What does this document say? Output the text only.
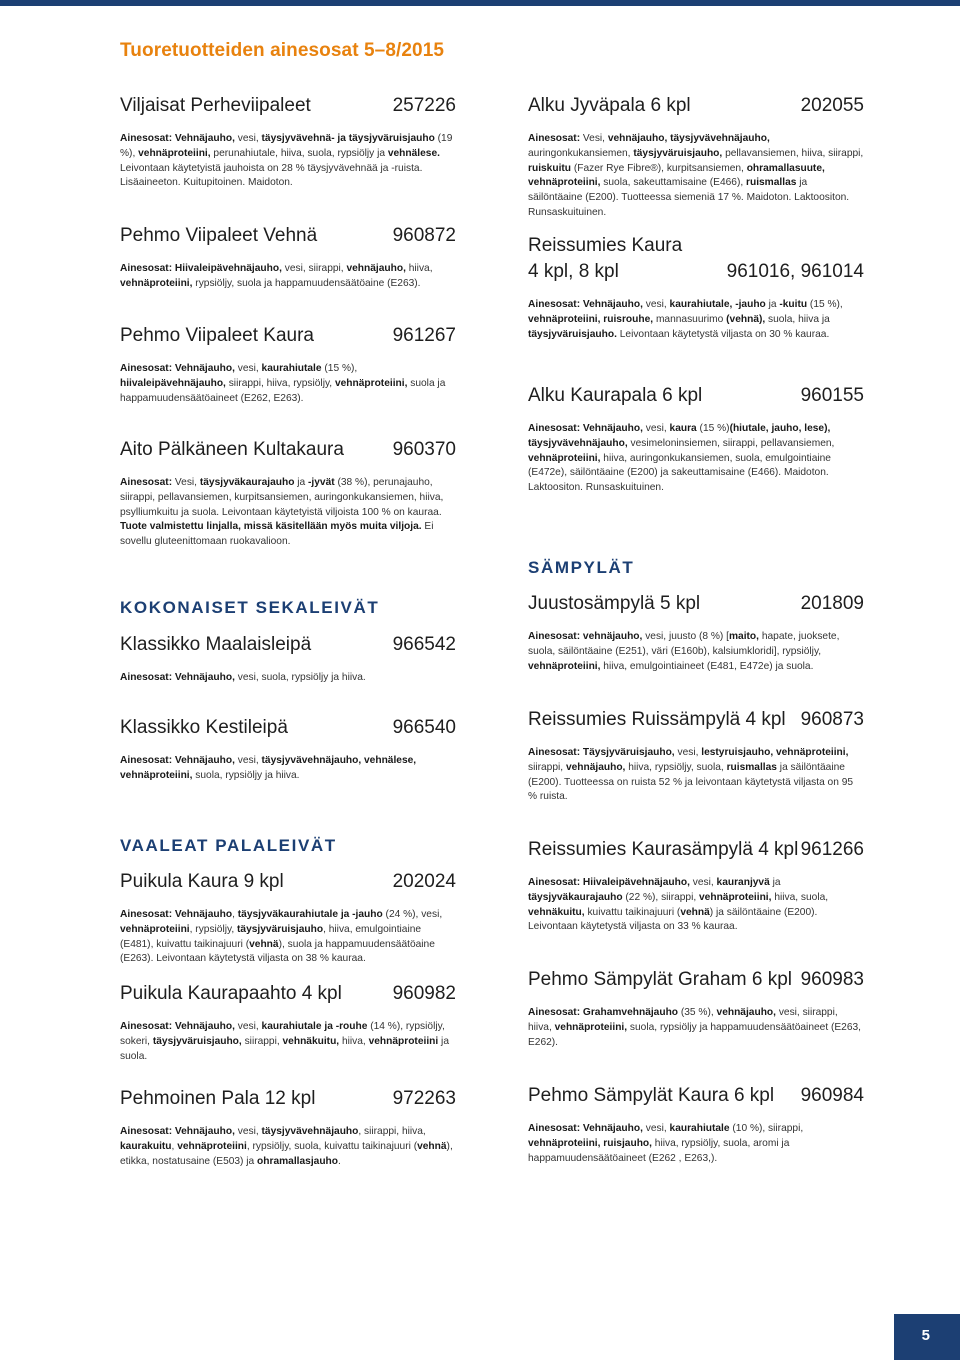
Tuoretuotteiden ainesosat 5–8/2015
Viljaisat Perheviipaleet	257226

Ainesosat: Vehnäjauho, vesi, täysjyvävehnä- ja täysjyväruisjauho (19 %), vehnäproteiini, perunahiutale, hiiva, suola, rypsiöljy ja vehnälese. Leivontaan käytetyistä jauhoista on 28 % täysjyvävehnää ja -ruista. Lisäaineeton. Kuitupitoinen. Maidoton.

Pehmo Viipaleet Vehnä	960872

Ainesosat: Hiivaleipävehnäjauho, vesi, siirappi, vehnäjauho, hiiva, vehnäproteiini, rypsiöljy, suola ja happamuudensäätöaine (E263).

Pehmo Viipaleet Kaura	961267

Ainesosat: Vehnäjauho, vesi, kaurahiutale (15 %), hiivaleipävehnäjauho, siirappi, hiiva, rypsiöljy, vehnäproteiini, suola ja happamuudensäätöaineet (E262, E263).

Aito Pälkäneen Kultakaura	960370

Ainesosat: Vesi, täysjyväkaurajauho ja -jyvät (38 %), perunajauho, siirappi, pellavansiemen, kurpitsansiemen, auringonkukansiemen, hiiva, psylliumkuitu ja suola. Leivontaan käytetyistä viljoista 100 % on kauraa. Tuote valmistettu linjalla, missä käsitellään myös muita viljoja. Ei sovellu gluteenittomaan ruokavalioon.

KOKONAISET SEKALEIVÄT
Klassikko Maalaisleipä	966542

Ainesosat: Vehnäjauho, vesi, suola, rypsiöljy ja hiiva.

Klassikko Kestileipä	966540

Ainesosat: Vehnäjauho, vesi, täysjyvävehnäjauho, vehnälese, vehnäproteiini, suola, rypsiöljy ja hiiva.

VAALEAT PALALEIVÄT
Puikula Kaura 9 kpl	202024

Ainesosat: Vehnäjauho, täysjyväkaurahiutale ja -jauho (24 %), vesi, vehnäproteiini, rypsiöljy, täysjyväruisjauho, hiiva, emulgointiaine (E481), kuivattu taikinajuuri (vehnä), suola ja happamuudensäätöaine (E263). Leivontaan käytetystä viljasta on 38 % kauraa.

Puikula Kaurapaahto 4 kpl	960982

Ainesosat: Vehnäjauho, vesi, kaurahiutale ja -rouhe (14 %), rypsiöljy, sokeri, täysjyväruisjauho, siirappi, vehnäkuitu, hiiva, vehnäproteiini ja suola.

Pehmoinen Pala 12 kpl	972263

Ainesosat: Vehnäjauho, vesi, täysjyvävehnäjauho, siirappi, hiiva, kaurakuitu, vehnäproteiini, rypsiöljy, suola, kuivattu taikinajuuri (vehnä), etikka, nostatusaine (E503) ja ohramallasjauho.

Alku Jyväpala 6 kpl	202055

Ainesosat: Vesi, vehnäjauho, täysjyvävehnäjauho, auringonkukansiemen, täysjyväruisjauho, pellavansiemen, hiiva, siirappi, ruiskuitu (Fazer Rye Fibre®), kurpitsansiemen, ohramallasuute, vehnäproteiini, suola, sakeuttamisaine (E466), ruismallas ja säilöntäaine (E200). Tuotteessa siemeniä 17 %. Maidoton. Laktoositon. Runsaskuituinen.

Reissumies Kaura
4 kpl, 8 kpl	961016, 961014

Ainesosat: Vehnäjauho, vesi, kaurahiutale, -jauho ja -kuitu (15 %), vehnäproteiini, ruisrouhe, mannasuurimo (vehnä), suola, hiiva ja täysjyväruisjauho. Leivontaan käytetystä viljasta on 30 % kauraa.

Alku Kaurapala 6 kpl	960155

Ainesosat: Vehnäjauho, vesi, kaura (15 %)(hiutale, jauho, lese), täysjyvävehnäjauho, vesimeloninsiemen, siirappi, pellavansiemen, vehnäproteiini, hiiva, auringonkukansiemen, suola, emulgointiaine (E472e), säilöntäaine (E200) ja sakeuttamisaine (E466). Maidoton. Laktoositon. Runsaskuituinen.

SÄMPYLÄT
Juustosämpylä 5 kpl	201809

Ainesosat: vehnäjauho, vesi, juusto (8 %) [maito, hapate, juoksete, suola, säilöntäaine (E251), väri (E160b), kalsiumkloridi], rypsiöljy, vehnäproteiini, hiiva, emulgointiaineet (E481, E472e) ja suola.

Reissumies Ruissämpylä 4 kpl 960873

Ainesosat: Täysjyväruisjauho, vesi, lestyruisjauho, vehnäproteiini, siirappi, vehnäjauho, hiiva, rypsiöljy, suola, ruismallas ja säilöntäaine (E200). Tuotteessa on ruista 52 % ja leivontaan käytetystä viljasta on 95 % ruista.

Reissumies Kaurasämpylä 4 kpl 961266

Ainesosat: Hiivaleipävehnäjauho, vesi, kauranjyvä ja täysjyväkaurajauho (22 %), siirappi, vehnäproteiini, hiiva, suola, vehnäkuitu, kuivattu taikinajuuri (vehnä) ja säilöntäaine (E200). Leivontaan käytetystä viljasta on 33 % kauraa.

Pehmo Sämpylät Graham 6 kpl 960983

Ainesosat: Grahamvehnäjauho (35 %), vehnäjauho, vesi, siirappi, hiiva, vehnäproteiini, suola, rypsiöljy ja happamuudensäätöaineet (E263, E262).

Pehmo Sämpylät Kaura 6 kpl 960984

Ainesosat: Vehnäjauho, vesi, kaurahiutale (10 %), siirappi, vehnäproteiini, ruisjauho, hiiva, rypsiöljy, suola, aromi ja happamuudensäätöaineet (E262 , E263,).

5
